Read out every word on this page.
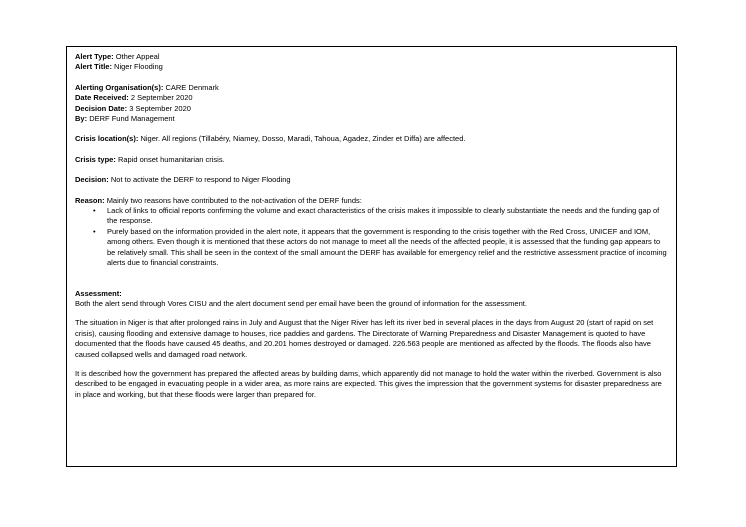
Alert Type: Other Appeal

Alert Title: Niger Flooding

Alerting Organisation(s): CARE Denmark

Date Received: 2 September 2020

Decision Date: 3 September 2020

By: DERF Fund Management

Crisis location(s): Niger. All regions (Tillabéry, Niamey, Dosso, Maradi, Tahoua, Agadez, Zinder et Diffa) are affected.

Crisis type: Rapid onset humanitarian crisis.

Decision: Not to activate the DERF to respond to Niger Flooding

Reason: Mainly two reasons have contributed to the not-activation of the DERF funds:

• Lack of links to official reports confirming the volume and exact characteristics of the crisis makes it impossible to clearly substantiate the needs and the funding gap of the response.
• Purely based on the information provided in the alert note, it appears that the government is responding to the crisis together with the Red Cross, UNICEF and IOM, among others. Even though it is mentioned that these actors do not manage to meet all the needs of the affected people, it is assessed that the funding gap appears to be relatively small. This shall be seen in the context of the small amount the DERF has available for emergency relief and the restrictive assessment practice of incoming alerts due to financial constraints.

Assessment:

Both the alert send through Vores CISU and the alert document send per email have been the ground of information for the assessment.

The situation in Niger is that after prolonged rains in July and August that the Niger River has left its river bed in several places in the days from August 20 (start of rapid on set crisis), causing flooding and extensive damage to houses, rice paddies and gardens. The Directorate of Warning Preparedness and Disaster Management is quoted to have documented that the floods have caused 45 deaths, and 20.201 homes destroyed or damaged. 226.563 people are mentioned as affected by the floods. The floods also have caused collapsed wells and damaged road network.

It is described how the government has prepared the affected areas by building dams, which apparently did not manage to hold the water within the riverbed. Government is also described to be engaged in evacuating people in a wider area, as more rains are expected. This gives the impression that the government systems for disaster preparedness are in place and working, but that these floods were larger than prepared for.
